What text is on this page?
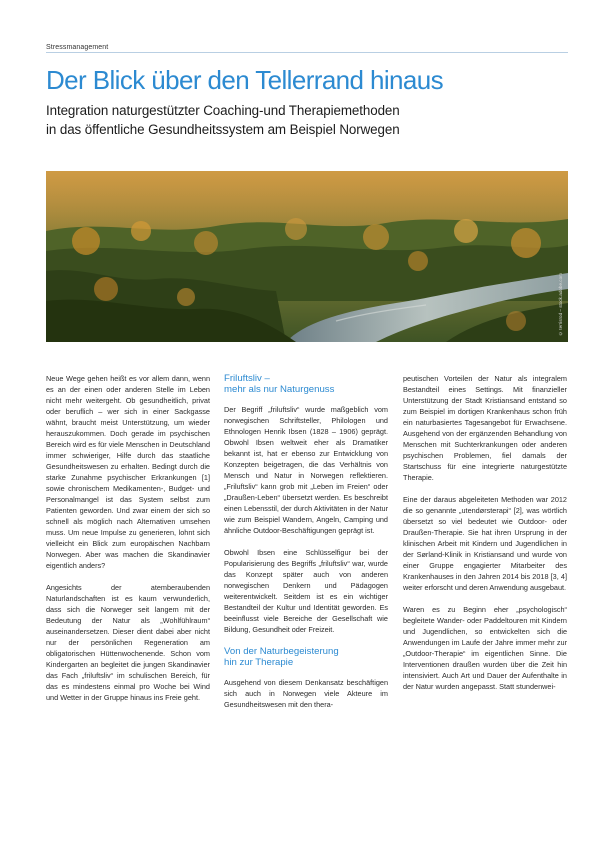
Stressmanagement
Der Blick über den Tellerrand hinaus
Integration naturgestützter Coaching-und Therapiemethoden
in das öffentliche Gesundheitssystem am Beispiel Norwegen
© terrisrod – stock.adobe.com

Neue Wege gehen heißt es vor allem dann, wenn es an der einen oder anderen Stelle im Leben nicht mehr weitergeht. Ob gesundheitlich, privat oder beruflich – wer sich in einer Sackgasse wähnt, braucht meist Unterstützung, um wieder herauszukommen. Doch gerade im psychischen Bereich wird es für viele Menschen in Deutschland immer schwieriger, Hilfe durch das staatliche Gesundheitswesen zu erhalten. Bedingt durch die starke Zunahme psychischer Erkrankungen [1] sowie chronischem Medikamenten-, Budget- und Personalmangel ist das System selbst zum Patienten geworden. Und zwar einem der sich so schnell als möglich nach Alternativen umsehen muss. Um neue Impulse zu generieren, lohnt sich vielleicht ein Blick zum europäischen Nachbarn Norwegen. Aber was machen die Skandinavier eigentlich anders?

Angesichts der atemberaubenden Naturlandschaften ist es kaum verwunderlich, dass sich die Norweger seit langem mit der Bedeutung der Natur als „Wohlfühlraum“ auseinandersetzen. Dieser dient dabei aber nicht nur der persönlichen Regeneration am obligatorischen Hüttenwochenende. Schon vom Kindergarten an begleitet die jungen Skandinavier das Fach „friluftsliv“ im schulischen Bereich, für das es mindestens einmal pro Woche bei Wind und Wetter in der Gruppe hinaus ins Freie geht.

Friluftsliv –
mehr als nur Naturgenuss

Der Begriff „friluftsliv“ wurde maßgeblich vom norwegischen Schriftsteller, Philologen und Ethnologen Henrik Ibsen (1828 – 1906) geprägt. Obwohl Ibsen weltweit eher als Dramatiker bekannt ist, hat er ebenso zur Entwicklung von Konzepten beigetragen, die das Verhältnis von Mensch und Natur in Norwegen reflektieren. „Friluftsliv“ kann grob mit „Leben im Freien“ oder „Draußen-Leben“ übersetzt werden. Es beschreibt einen Lebensstil, der durch Aktivitäten in der Natur wie zum Beispiel Wandern, Angeln, Camping und ähnliche Outdoor-Beschäftigungen geprägt ist.

Obwohl Ibsen eine Schlüsselfigur bei der Popularisierung des Begriffs „friluftsliv“ war, wurde das Konzept später auch von anderen norwegischen Denkern und Pädagogen weiterentwickelt. Seitdem ist es ein wichtiger Bestandteil der Kultur und Identität geworden. Es beeinflusst viele Bereiche der Gesellschaft wie Bildung, Gesundheit oder Freizeit.

Von der Naturbegeisterung
hin zur Therapie

Ausgehend von diesem Denkansatz beschäftigen sich auch in Norwegen viele Akteure im Gesundheitswesen mit den thera-

peutischen Vorteilen der Natur als integralem Bestandteil eines Settings. Mit finanzieller Unterstützung der Stadt Kristiansand entstand so zum Beispiel im dortigen Krankenhaus schon früh ein naturbasiertes Tagesangebot für Erwachsene. Ausgehend von der ergänzenden Behandlung von Menschen mit Suchterkrankungen oder anderen psychischen Problemen, fiel damals der Startschuss für eine integrierte naturgestützte Therapie.

Eine der daraus abgeleiteten Methoden war 2012 die so genannte „utendørsterapi“ [2], was wörtlich übersetzt so viel bedeutet wie Outdoor- oder Draußen-Therapie. Sie hat ihren Ursprung in der klinischen Arbeit mit Kindern und Jugendlichen in der Sørland-Klinik in Kristiansand und wurde von einer Gruppe engagierter Mitarbeiter des Krankenhauses in den Jahren 2014 bis 2018 [3, 4] weiter erforscht und deren Anwendung ausgebaut.

Waren es zu Beginn eher „psychologisch“ begleitete Wander- oder Paddeltouren mit Kindern und Jugendlichen, so entwickelten sich die Anwendungen im Laufe der Jahre immer mehr zur „Outdoor-Therapie“ im eigentlichen Sinne. Die Interventionen draußen wurden über die Zeit hin intensiviert. Auch Art und Dauer der Aufenthalte in der Natur wurden angepasst. Statt stundenwei-
